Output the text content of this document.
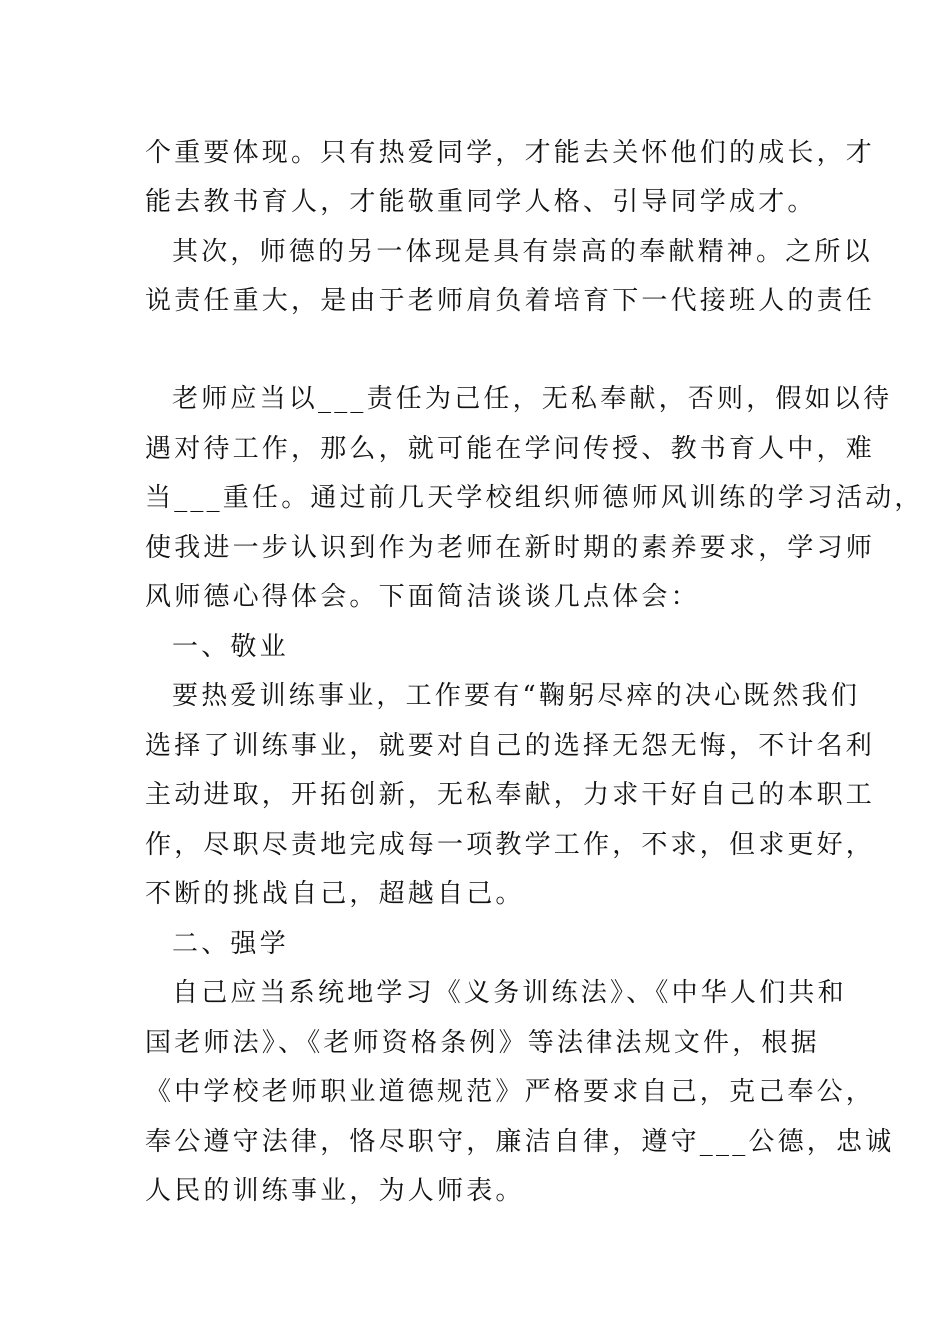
个重要体现。只有热爱同学，才能去关怀他们的成长，才
能去教书育人，才能敬重同学人格、引导同学成才。
其次，师德的另一体现是具有崇高的奉献精神。之所以
说责任重大，是由于老师肩负着培育下一代接班人的责任
老师应当以___责任为己任，无私奉献，否则，假如以待
遇对待工作，那么，就可能在学问传授、教书育人中，难
当___重任。通过前几天学校组织师德师风训练的学习活动，
使我进一步认识到作为老师在新时期的素养要求，学习师
风师德心得体会。下面简洁谈谈几点体会：
一、敬业
要热爱训练事业，工作要有“鞠躬尽瘁的决心既然我们
选择了训练事业，就要对自己的选择无怨无悔，不计名利
主动进取，开拓创新，无私奉献，力求干好自己的本职工
作，尽职尽责地完成每一项教学工作，不求，但求更好，
不断的挑战自己，超越自己。
二、强学
自己应当系统地学习《义务训练法》、《中华人们共和
国老师法》、《老师资格条例》等法律法规文件，根据
《中学校老师职业道德规范》严格要求自己，克己奉公，
奉公遵守法律，恪尽职守，廉洁自律，遵守___公德，忠诚
人民的训练事业，为人师表。
